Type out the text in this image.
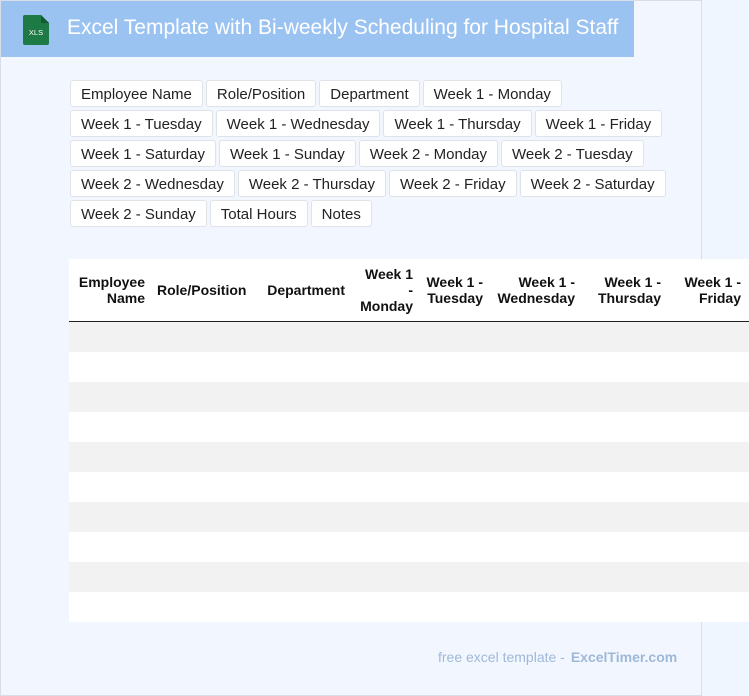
XLS Excel Template with Bi-weekly Scheduling for Hospital Staff
Employee Name	Role/Position	Department	Week 1 - Monday
Week 1 - Tuesday	Week 1 - Wednesday	Week 1 - Thursday	Week 1 - Friday
Week 1 - Saturday	Week 1 - Sunday	Week 2 - Monday	Week 2 - Tuesday
Week 2 - Wednesday	Week 2 - Thursday	Week 2 - Friday	Week 2 - Saturday
Week 2 - Sunday	Total Hours	Notes
Employee Name	Role/Position	Department	Week 1 - Monday	Week 1 - Tuesday	Week 1 - Wednesday	Week 1 - Thursday	Week 1 - Friday

free excel template - ExcelTimer.com
